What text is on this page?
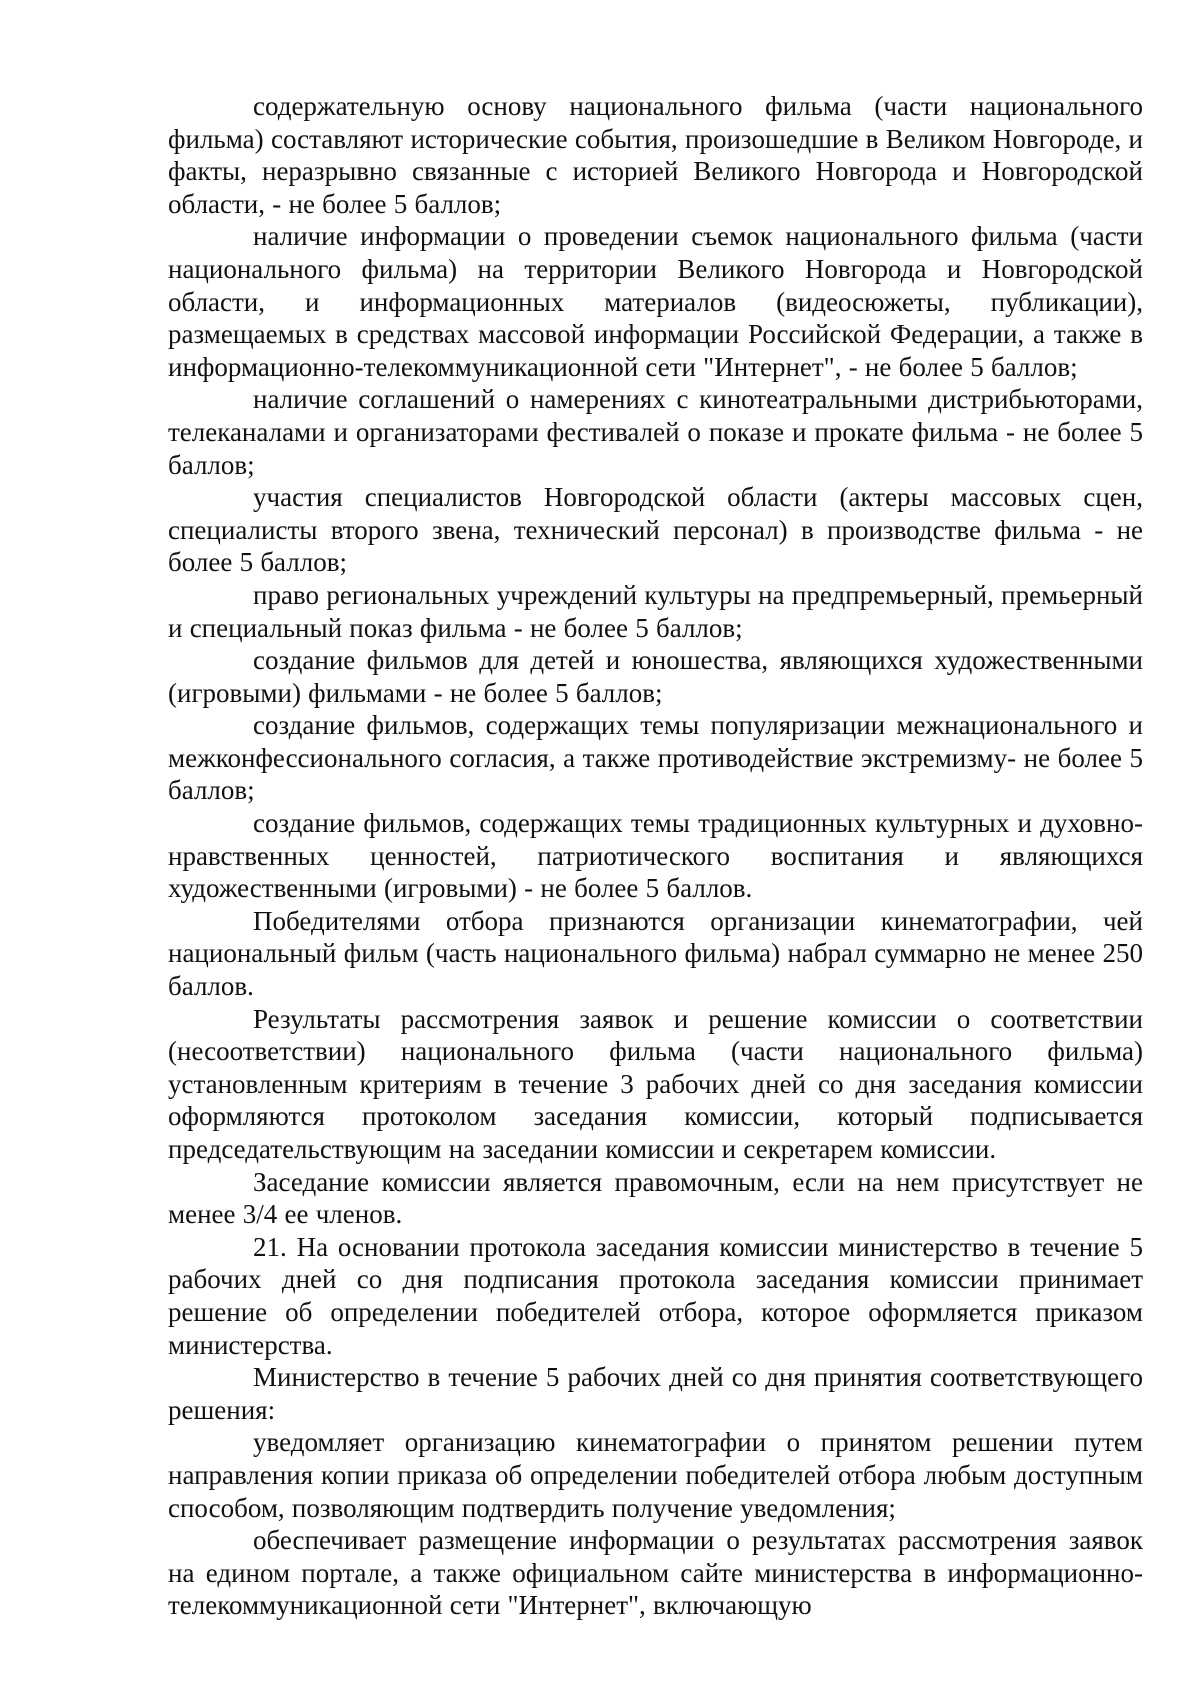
содержательную основу национального фильма (части национального фильма) составляют исторические события, произошедшие в Великом Новгороде, и факты, неразрывно связанные с историей Великого Новгорода и Новгородской области, - не более 5 баллов;

наличие информации о проведении съемок национального фильма (части национального фильма) на территории Великого Новгорода и Новгородской области, и информационных материалов (видеосюжеты, публикации), размещаемых в средствах массовой информации Российской Федерации, а также в информационно-телекоммуникационной сети "Интернет", - не более 5 баллов;

наличие соглашений о намерениях с кинотеатральными дистрибьюторами, телеканалами и организаторами фестивалей о показе и прокате фильма - не более 5 баллов;

участия специалистов Новгородской области (актеры массовых сцен, специалисты второго звена, технический персонал) в производстве фильма - не более 5 баллов;

право региональных учреждений культуры на предпремьерный, премьерный и специальный показ фильма - не более 5 баллов;

создание фильмов для детей и юношества, являющихся художественными (игровыми) фильмами - не более 5 баллов;

создание фильмов, содержащих темы популяризации межнационального и межконфессионального согласия, а также противодействие экстремизму- не более 5 баллов;

создание фильмов, содержащих темы традиционных культурных и духовно-нравственных ценностей, патриотического воспитания и являющихся художественными (игровыми) - не более 5 баллов.

Победителями отбора признаются организации кинематографии, чей национальный фильм (часть национального фильма) набрал суммарно не менее 250 баллов.

Результаты рассмотрения заявок и решение комиссии о соответствии (несоответствии) национального фильма (части национального фильма) установленным критериям в течение 3 рабочих дней со дня заседания комиссии оформляются протоколом заседания комиссии, который подписывается председательствующим на заседании комиссии и секретарем комиссии.

Заседание комиссии является правомочным, если на нем присутствует не менее 3/4 ее членов.

21. На основании протокола заседания комиссии министерство в течение 5 рабочих дней со дня подписания протокола заседания комиссии принимает решение об определении победителей отбора, которое оформляется приказом министерства.

Министерство в течение 5 рабочих дней со дня принятия соответствующего решения:

уведомляет организацию кинематографии о принятом решении путем направления копии приказа об определении победителей отбора любым доступным способом, позволяющим подтвердить получение уведомления;

обеспечивает размещение информации о результатах рассмотрения заявок на едином портале, а также официальном сайте министерства в информационно-телекоммуникационной сети "Интернет", включающую
